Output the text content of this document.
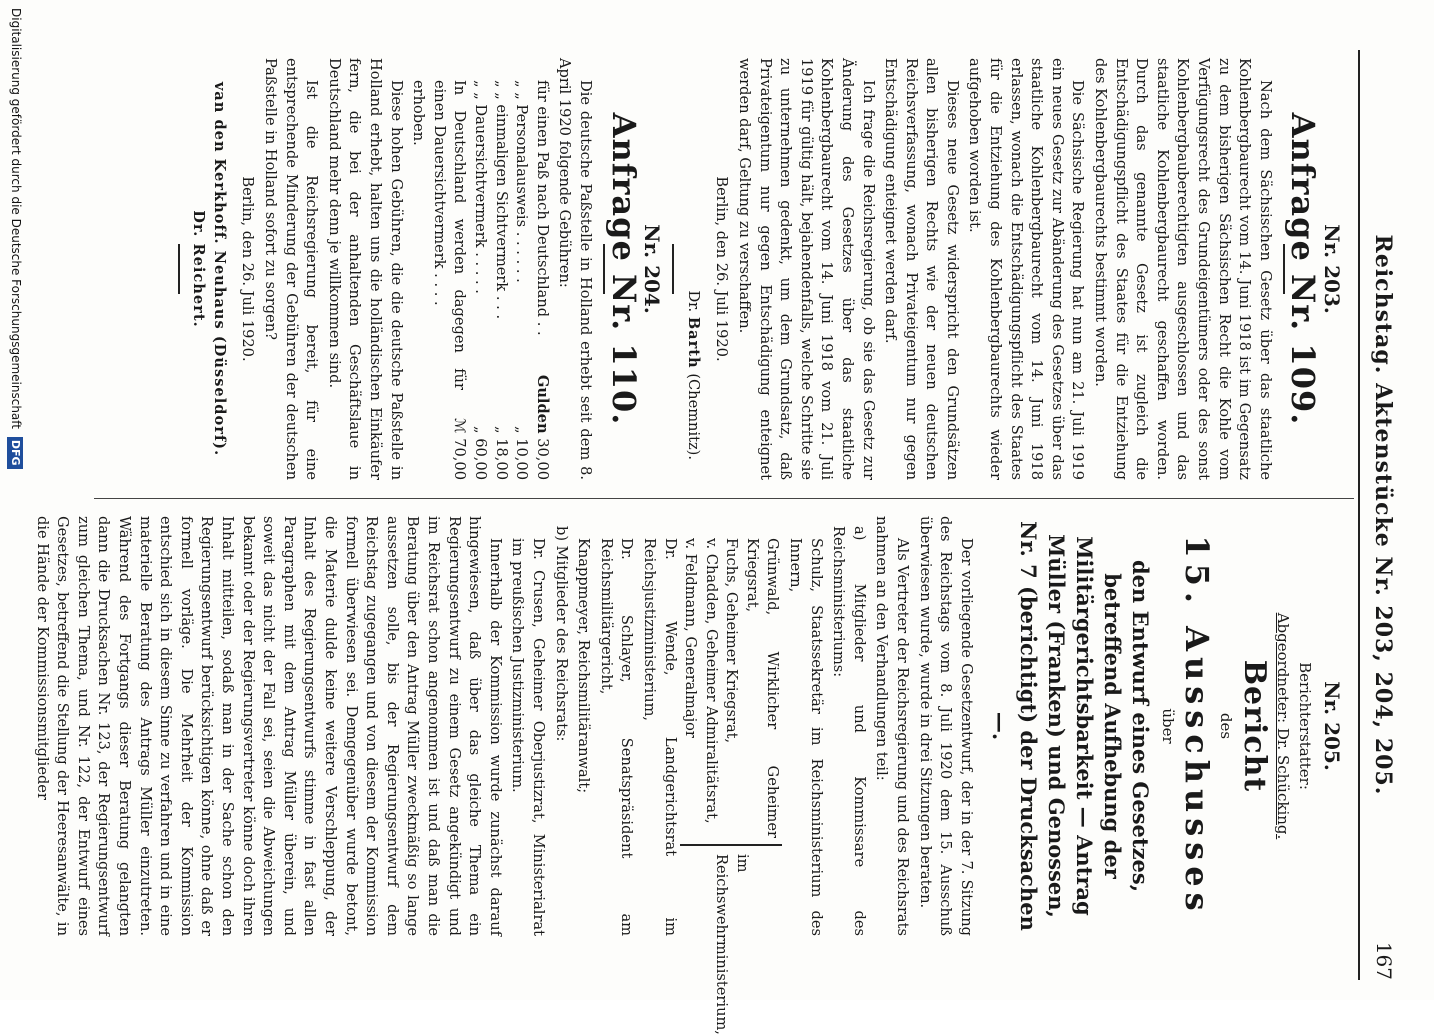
Reichstag. Aktenstücke Nr. 203, 204, 205.
167
Nr. 203.
Anfrage Nr. 109.

Nach dem Sächsischen Gesetz über das staatliche Kohlenbergbaurecht vom 14. Juni 1918 ist im Gegensatz zu dem bisherigen Sächsischen Recht die Kohle vom Verfügungsrecht des Grundeigentümers oder des sonst Kohlenbergbauberechtigten ausgeschlossen und das staatliche Kohlenbergbaurecht geschaffen worden. Durch das genannte Gesetz ist zugleich die Entschädigungspflicht des Staates für die Entziehung des Kohlenbergbaurechts bestimmt worden.

Die Sächsische Regierung hat nun am 21. Juli 1919 ein neues Gesetz zur Abänderung des Gesetzes über das staatliche Kohlenbergbaurecht vom 14. Juni 1918 erlassen, wonach die Entschädigungspflicht des Staates für die Entziehung des Kohlenbergbaurechts wieder aufgehoben worden ist.

Dieses neue Gesetz widerspricht den Grundsätzen allen bisherigen Rechts wie der neuen deutschen Reichsverfassung, wonach Privateigentum nur gegen Entschädigung enteignet werden darf.

Ich frage die Reichsregierung, ob sie das Gesetz zur Änderung des Gesetzes über das staatliche Kohlenbergbaurecht vom 14. Juni 1918 vom 21. Juli 1919 für gültig hält, bejahendenfalls, welche Schritte sie zu unternehmen gedenkt, um dem Grundsatz, daß Privateigentum nur gegen Entschädigung enteignet werden darf, Geltung zu verschaffen.

Berlin, den 26. Juli 1920.

Dr. Barth (Chemnitz).
Nr. 204.
Anfrage Nr. 110.

Die deutsche Paßstelle in Holland erhebt seit dem 8. April 1920 folgende Gebühren:

für einen Paß nach Deutschland . .
Gulden 30,00
„ „ Personalausweis . . . . . .
„ 10,00
„ „ einmaligen Sichtvermerk . . .
„ 18,00
„ „ Dauersichtvermerk . . . . .
„ 60,00
In Deutschland werden dagegen für einen Dauersichtvermerk . . . .
ℳ 70,00
erhoben.

Diese hohen Gebühren, die die deutsche Paßstelle in Holland erhebt, halten uns die holländischen Einkäufer fern, die bei der anhaltenden Geschäftslaue in Deutschland mehr denn je willkommen sind.

Ist die Reichsregierung bereit, für eine entsprechende Minderung der Gebühren der deutschen Paßstelle in Holland sofort zu sorgen?

Berlin, den 26. Juli 1920.

van den Kerkhoff. Neuhaus (Düsseldorf).
Dr. Reichert.
Nr. 205.

Berichterstatter:

Abgeordneter: Dr. Schücking.

Bericht

des

15. Ausschusses

über

den Entwurf eines Gesetzes, betreffend Aufhebung der Militärgerichtsbarkeit — Antrag Müller (Franken) und Genossen, Nr. 7 (berichtigt) der Drucksachen —.

Der vorliegende Gesetzentwurf, der in der 7. Sitzung des Reichstags vom 8. Juli 1920 dem 15. Ausschuß überwiesen wurde, wurde in drei Sitzungen beraten.

Als Vertreter der Reichsregierung und des Reichsrats nahmen an den Verhandlungen teil:

a) Mitglieder und Kommissare des Reichsministeriums:

Schulz, Staatssekretär im Reichsministerium des Innern,

Grünwald, Wirklicher Geheimer Kriegsrat,
Fuchs, Geheimer Kriegsrat,
v. Chadden, Geheimer Admiralitätsrat,
v. Feldmann, Generalmajor
im Reichswehrministerium,

Dr. Wende, Landgerichtsrat im Reichsjustizministerium,

Dr. Schlayer, Senatspräsident am Reichsmilitärgericht,

Knappmeyer, Reichsmilitäranwalt;

b) Mitglieder des Reichsrats:

Dr. Crusen, Geheimer Oberjustizrat, Ministerialrat im preußischen Justizministerium.

Innerhalb der Kommission wurde zunächst darauf hingewiesen, daß über das gleiche Thema ein Regierungsentwurf zu einem Gesetz angekündigt und im Reichsrat schon angenommen ist und daß man die Beratung über den Antrag Müller zweckmäßig so lange aussetzen solle, bis der Regierungsentwurf dem Reichstag zugegangen und von diesem der Kommission formell überwiesen sei. Demgegenüber wurde betont, die Materie dulde keine weitere Verschleppung, der Inhalt des Regierungsentwurfs stimme in fast allen Paragraphen mit dem Antrag Müller überein, und soweit das nicht der Fall sei, seien die Abweichungen bekannt oder der Regierungsvertreter könne doch ihren Inhalt mitteilen, sodaß man in der Sache schon den Regierungsentwurf berücksichtigen könne, ohne daß er formell vorläge. Die Mehrheit der Kommission entschied sich in diesem Sinne zu verfahren und in eine materielle Beratung des Antrags Müller einzutreten. Während des Fortgangs dieser Beratung gelangten dann die Drucksachen Nr. 123, der Regierungsentwurf zum gleichen Thema, und Nr. 122, der Entwurf eines Gesetzes, betreffend die Stellung der Heeresanwälte, in die Hände der Kommissionsmitglieder

Digitalisierung gefördert durch die Deutsche Forschungsgemeinschaft DFG
